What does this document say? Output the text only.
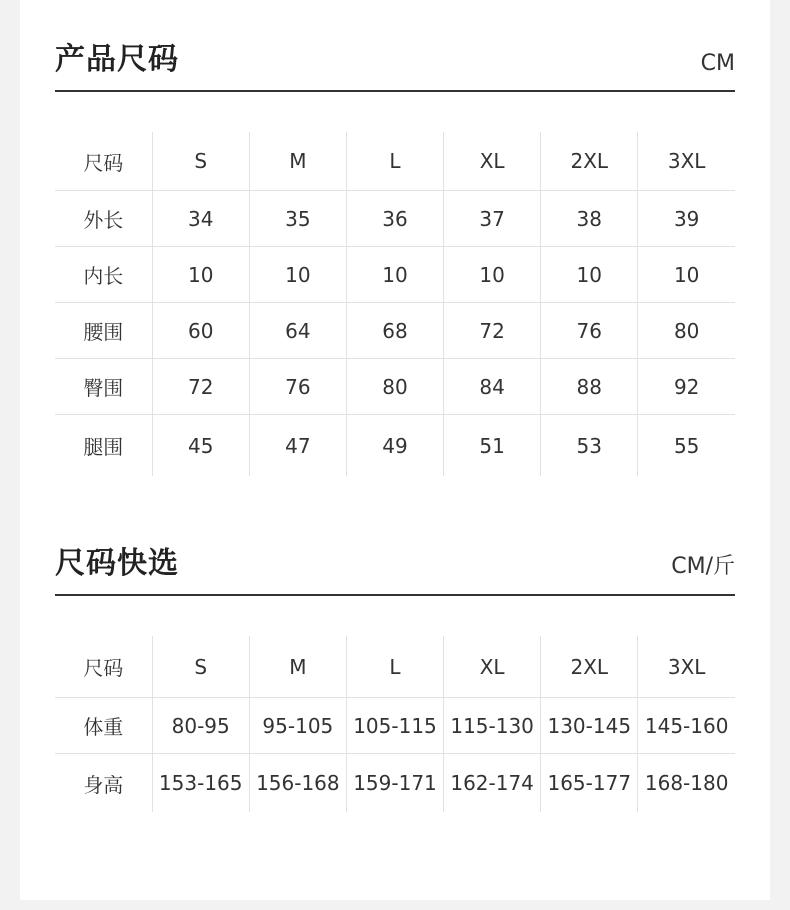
产品尺码	CM
尺码	S	M	L	XL	2XL	3XL
外长	34	35	36	37	38	39
内长	10	10	10	10	10	10
腰围	60	64	68	72	76	80
臀围	72	76	80	84	88	92
腿围	45	47	49	51	53	55
尺码快选	CM/斤
尺码	S	M	L	XL	2XL	3XL
体重	80-95	95-105	105-115	115-130	130-145	145-160
身高	153-165	156-168	159-171	162-174	165-177	168-180
